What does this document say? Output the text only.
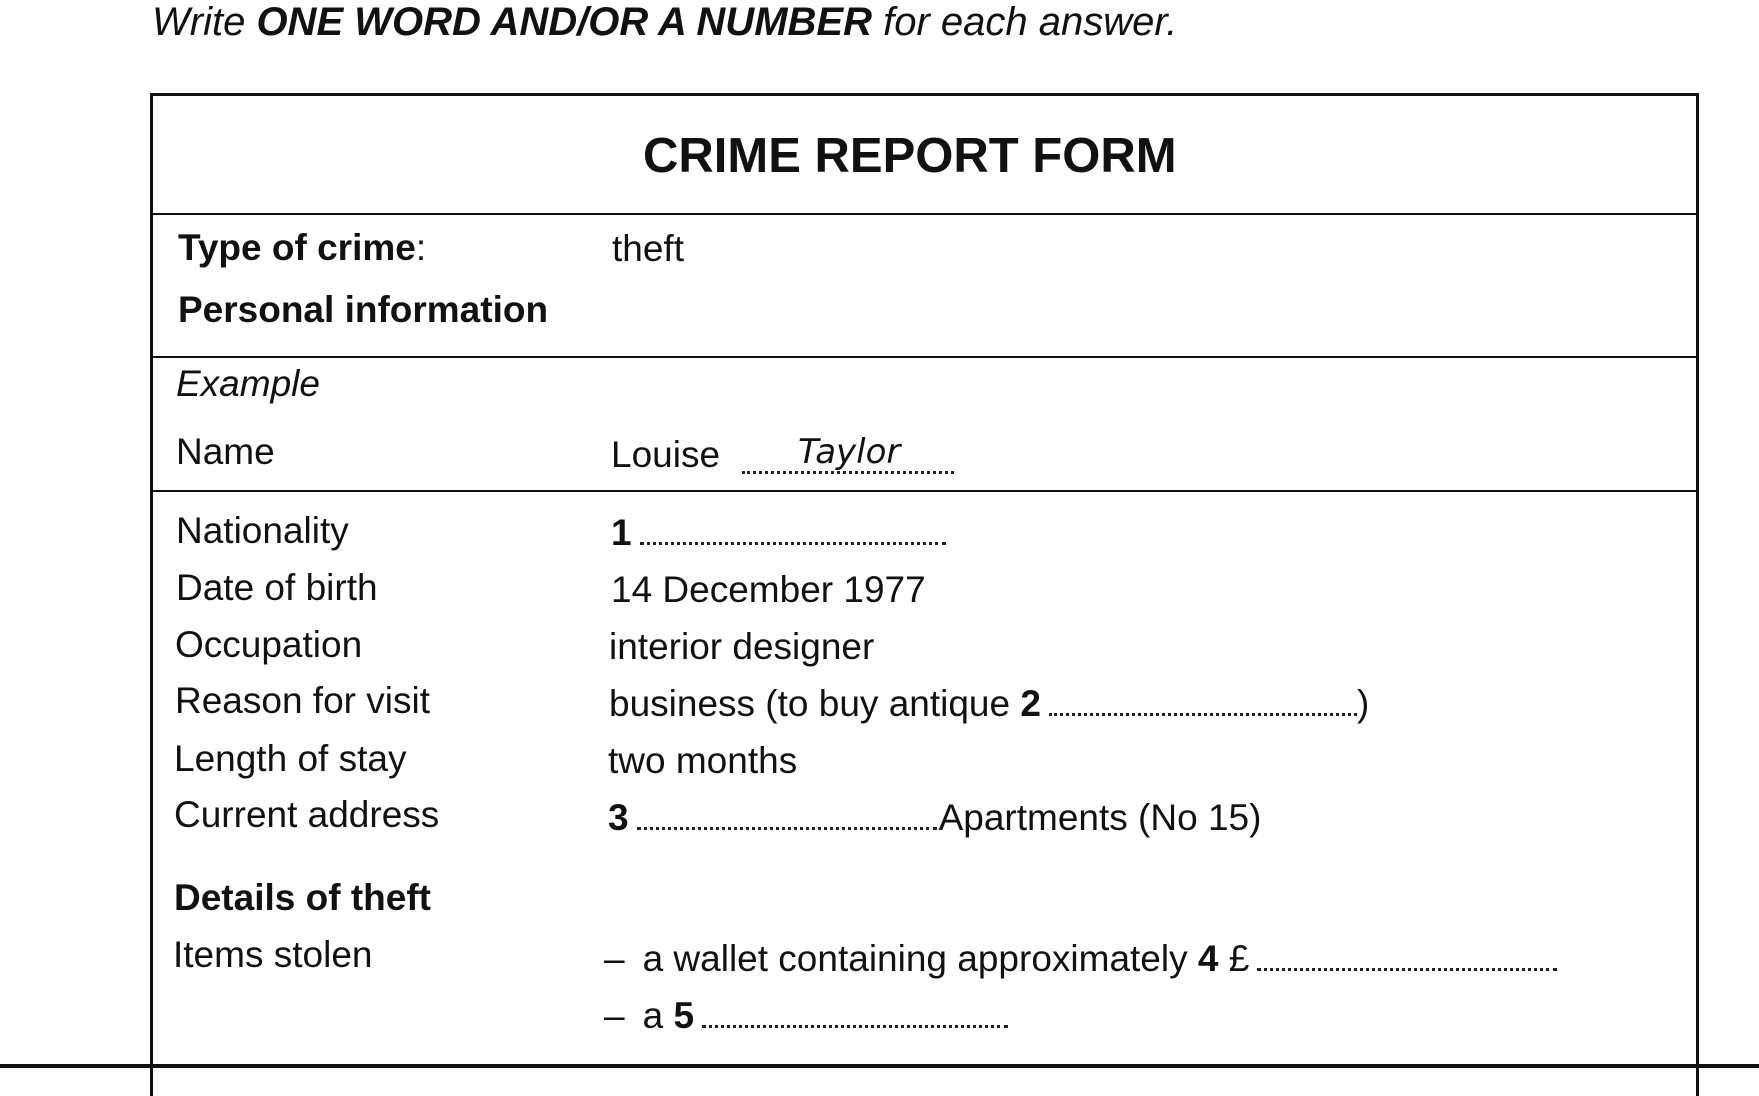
Write ONE WORD AND/OR A NUMBER for each answer.
CRIME REPORT FORM
Type of crime:	theft
Personal information
Example
Name	Louise Taylor
Nationality	1
Date of birth	14 December 1977
Occupation	interior designer
Reason for visit	business (to buy antique 2	)
Length of stay	two months
Current address	3	Apartments (No 15)
Details of theft
Items stolen	– a wallet containing approximately 4 £
– a 5
